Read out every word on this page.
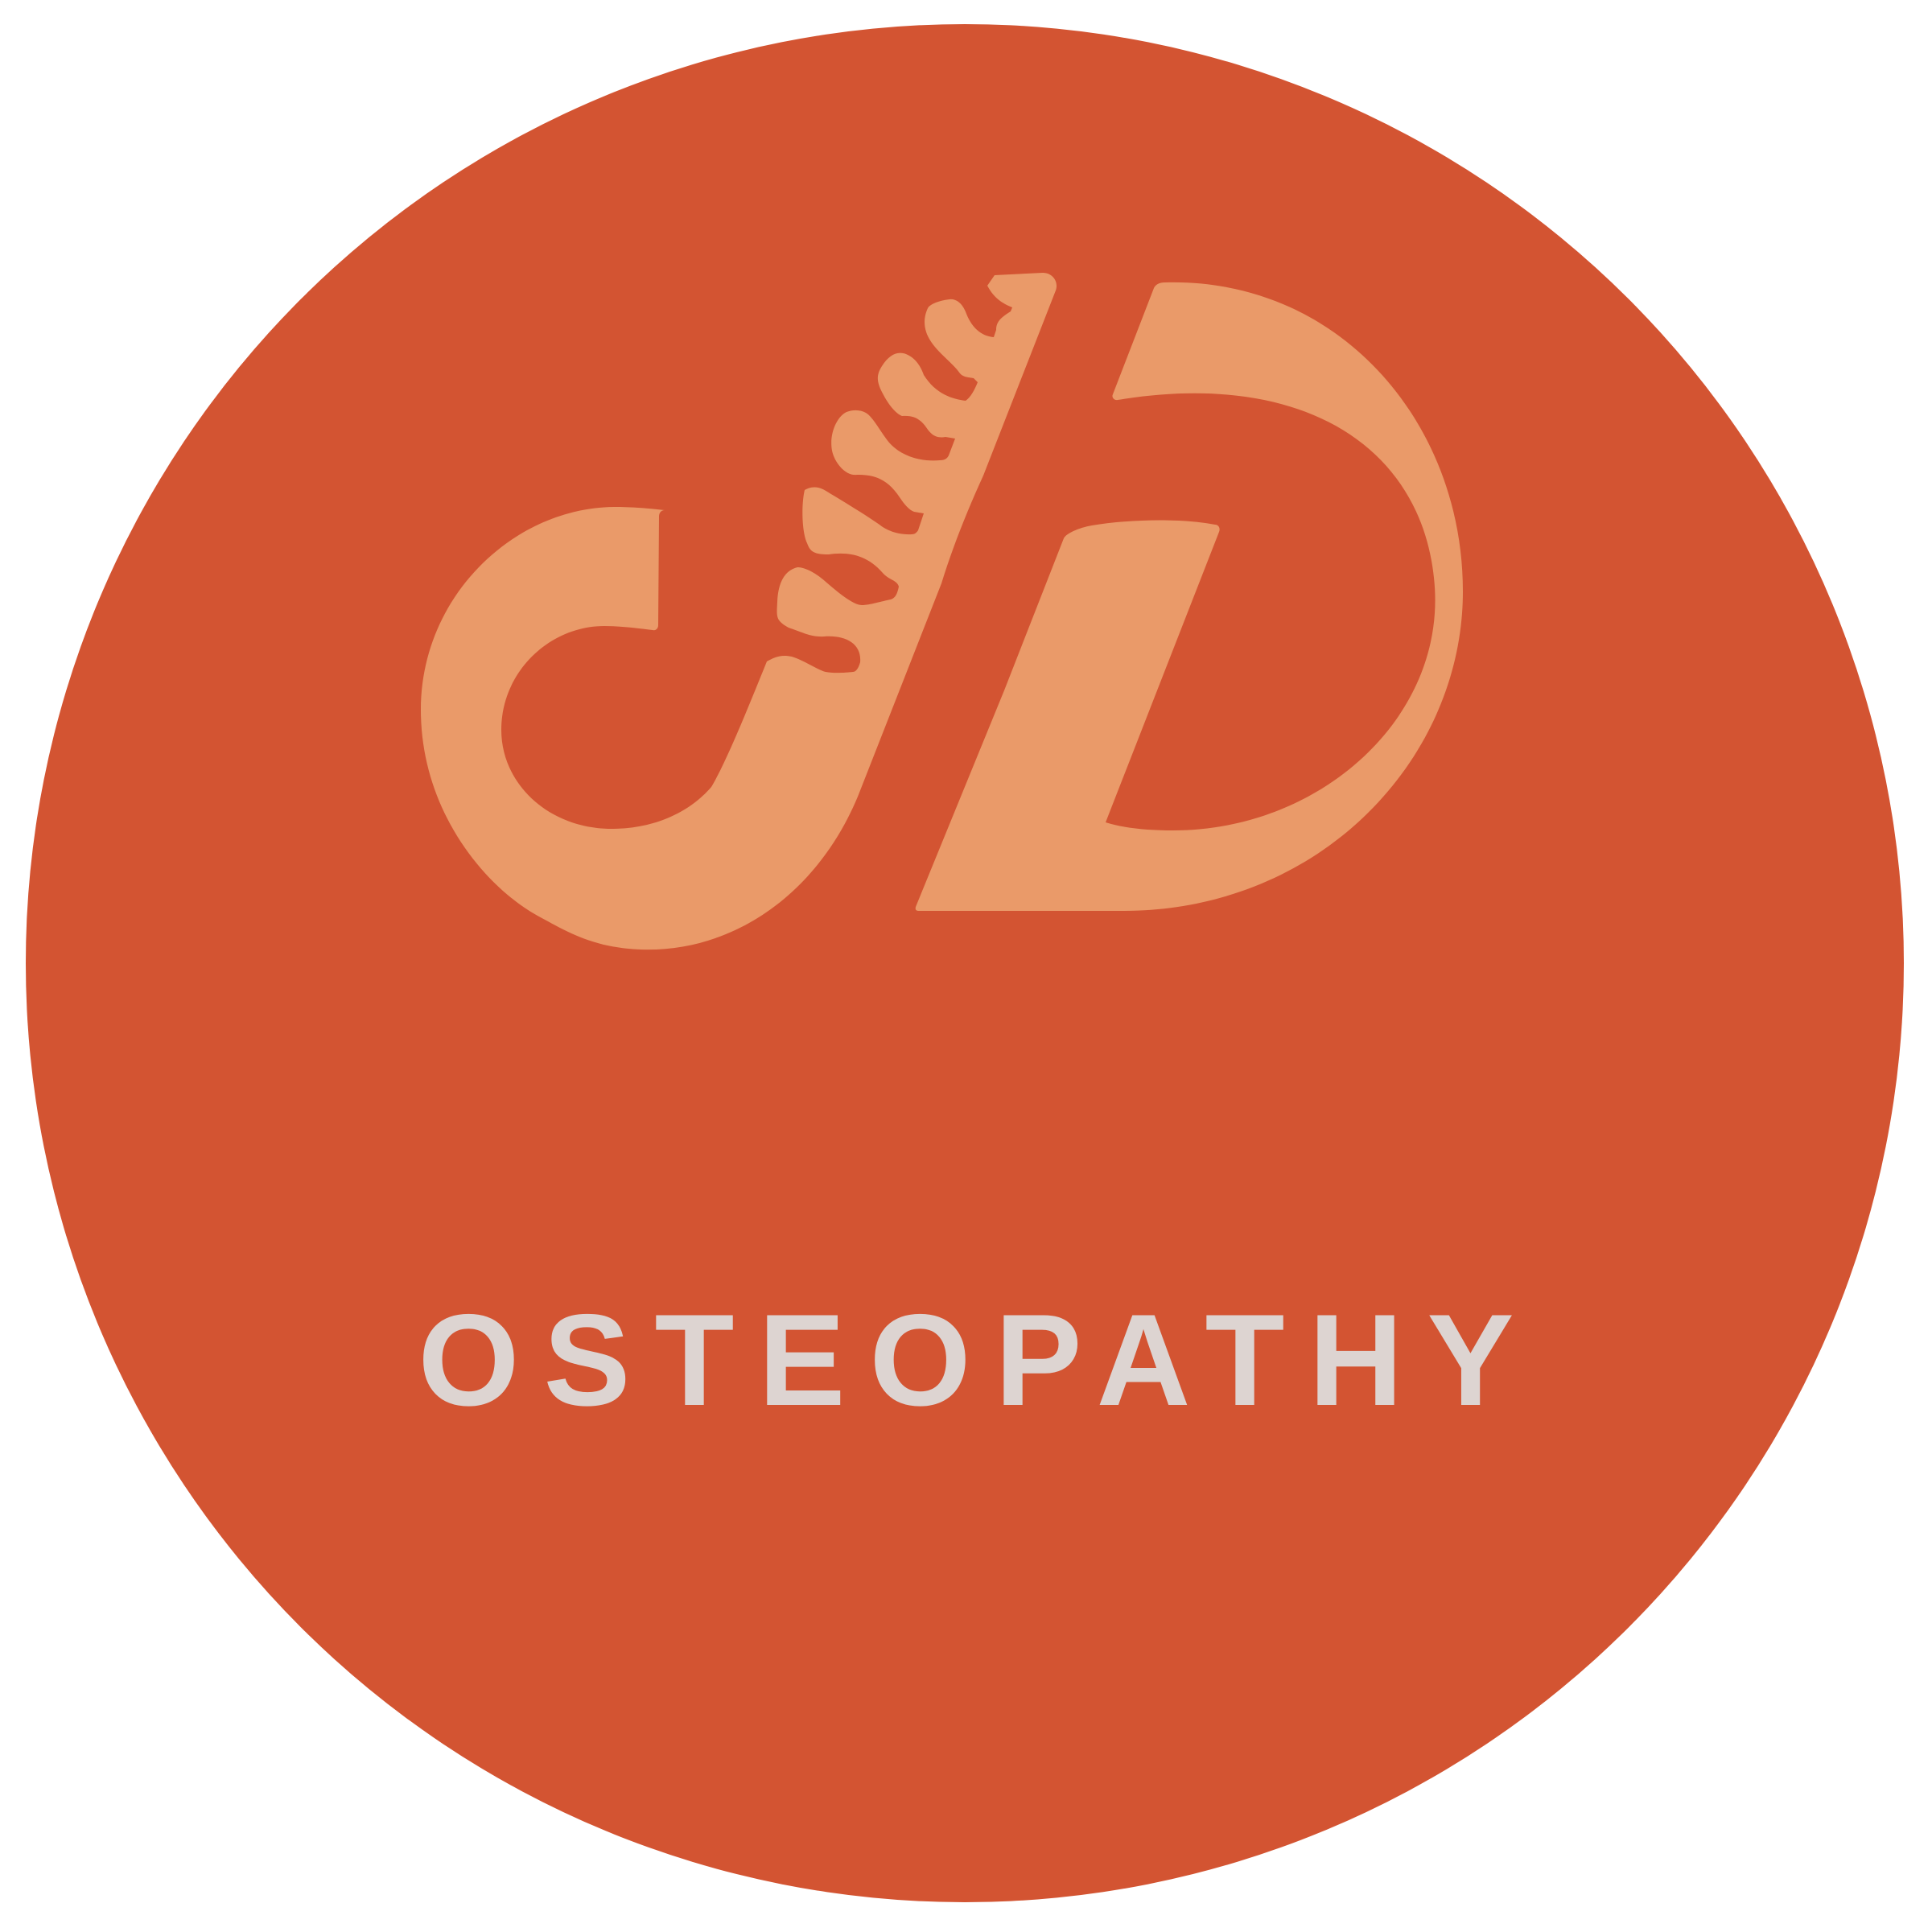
OSTEOPATHY
